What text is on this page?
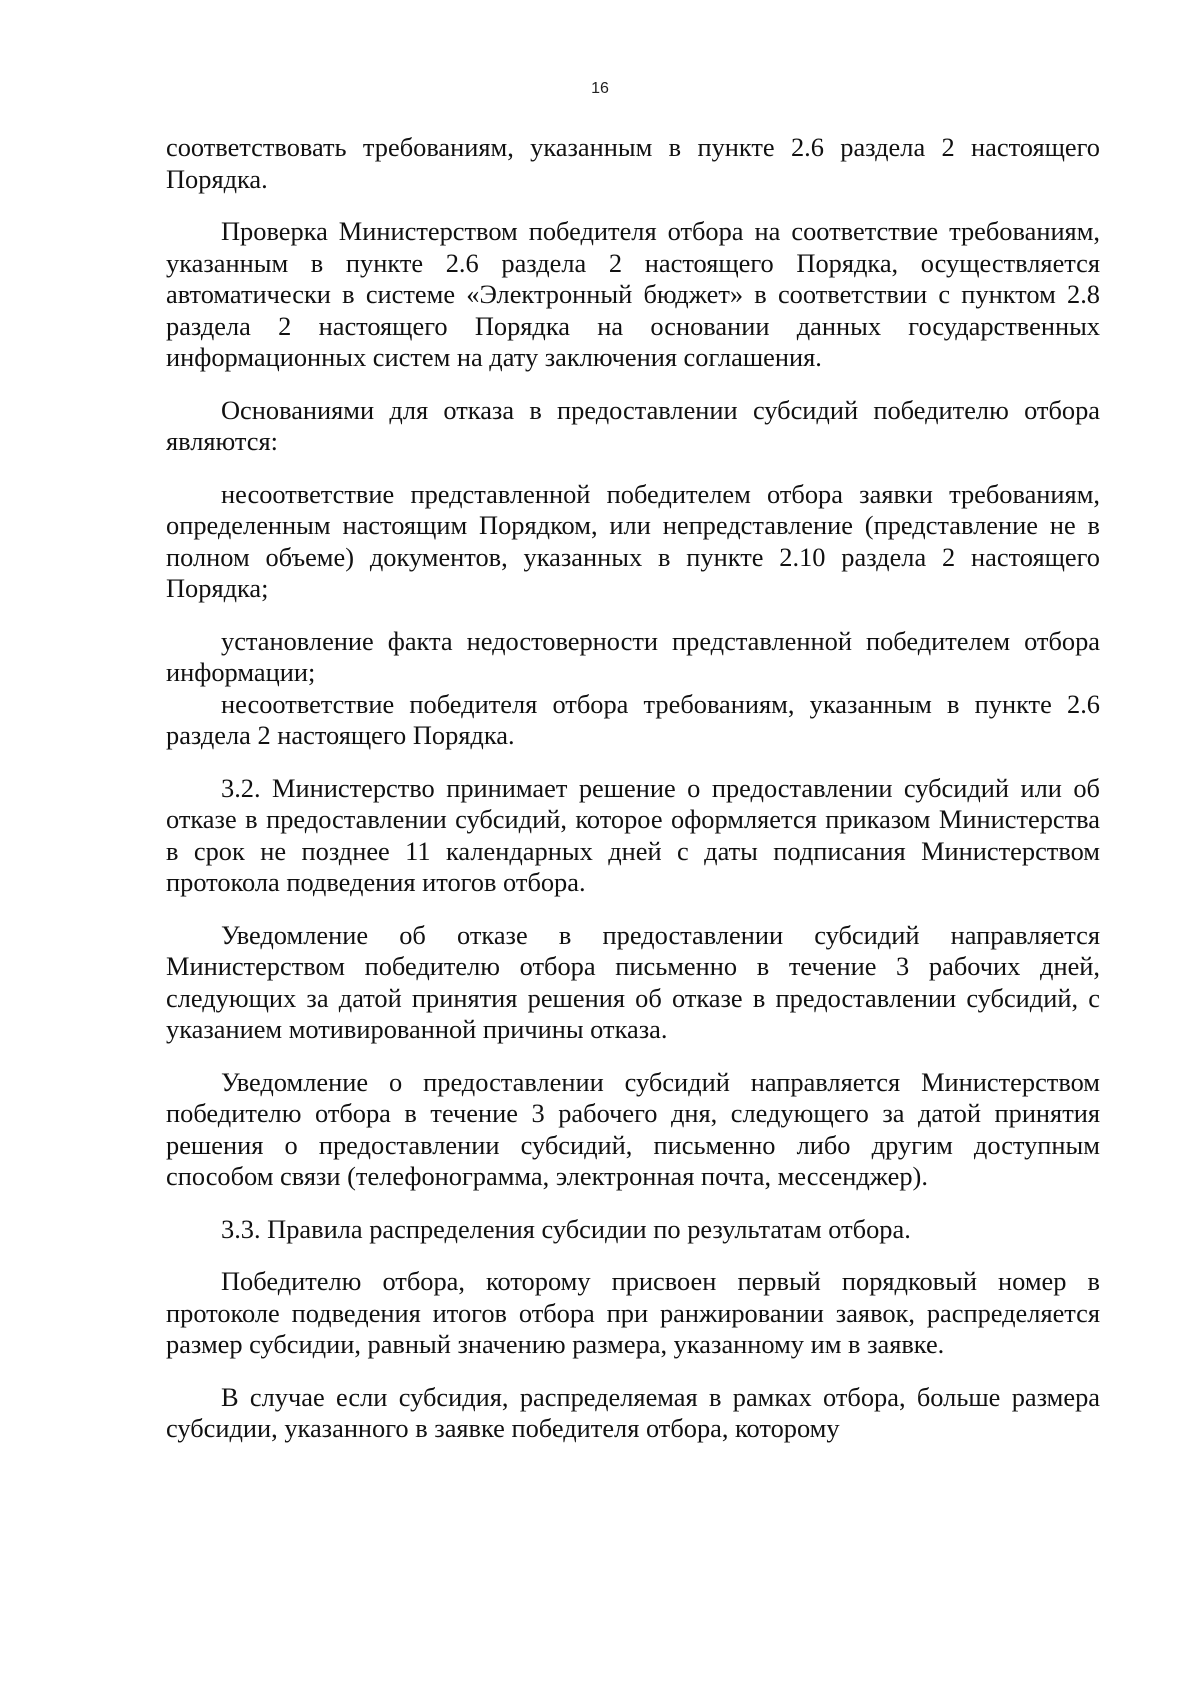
16

соответствовать требованиям, указанным в пункте 2.6 раздела 2 настоящего Порядка.

Проверка Министерством победителя отбора на соответствие требованиям, указанным в пункте 2.6 раздела 2 настоящего Порядка, осуществляется автоматически в системе «Электронный бюджет» в соответствии с пунктом 2.8 раздела 2 настоящего Порядка на основании данных государственных информационных систем на дату заключения соглашения.

Основаниями для отказа в предоставлении субсидий победителю отбора являются:

несоответствие представленной победителем отбора заявки требованиям, определенным настоящим Порядком, или непредставление (представление не в полном объеме) документов, указанных в пункте 2.10 раздела 2 настоящего Порядка;

установление факта недостоверности представленной победителем отбора информации;

несоответствие победителя отбора требованиям, указанным в пункте 2.6 раздела 2 настоящего Порядка.

3.2. Министерство принимает решение о предоставлении субсидий или об отказе в предоставлении субсидий, которое оформляется приказом Министерства в срок не позднее 11 календарных дней с даты подписания Министерством протокола подведения итогов отбора.

Уведомление об отказе в предоставлении субсидий направляется Министерством победителю отбора письменно в течение 3 рабочих дней, следующих за датой принятия решения об отказе в предоставлении субсидий, с указанием мотивированной причины отказа.

Уведомление о предоставлении субсидий направляется Министерством победителю отбора в течение 3 рабочего дня, следующего за датой принятия решения о предоставлении субсидий, письменно либо другим доступным способом связи (телефонограмма, электронная почта, мессенджер).

3.3. Правила распределения субсидии по результатам отбора.

Победителю отбора, которому присвоен первый порядковый номер в протоколе подведения итогов отбора при ранжировании заявок, распределяется размер субсидии, равный значению размера, указанному им в заявке.

В случае если субсидия, распределяемая в рамках отбора, больше размера субсидии, указанного в заявке победителя отбора, которому
